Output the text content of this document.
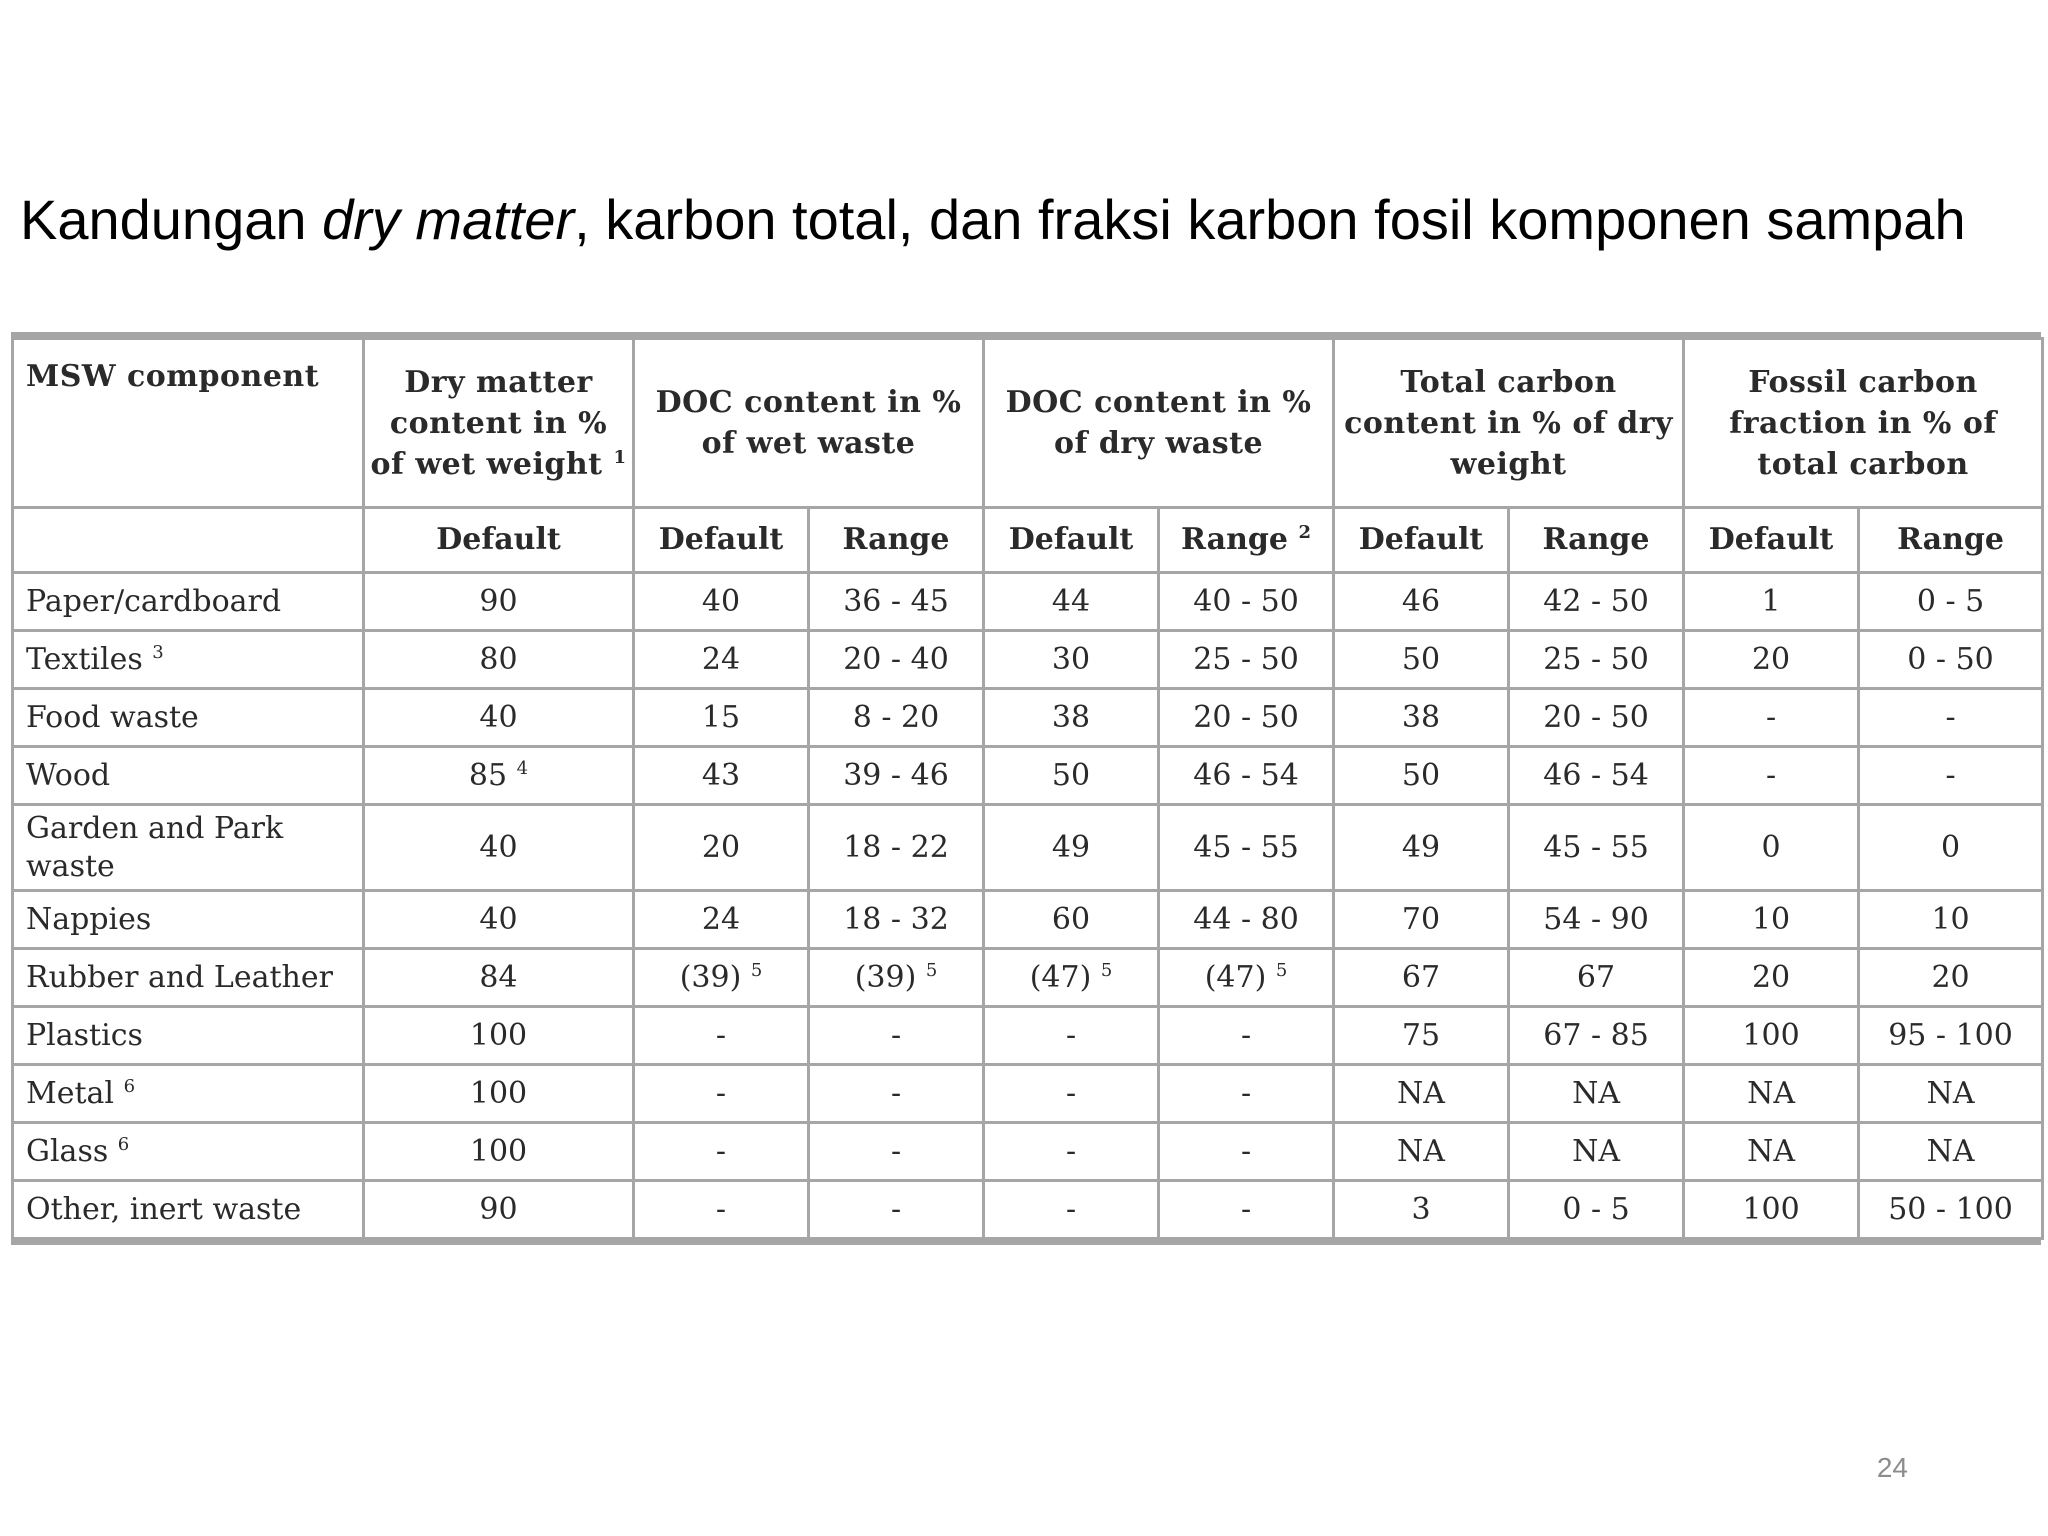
Kandungan dry matter, karbon total, dan fraksi karbon fosil komponen sampah
MSW component	Dry matter content in % of wet weight $^1$	DOC content in % of wet waste		DOC content in % of dry waste		Total carbon content in % of dry weight		Fossil carbon fraction in % of total carbon	
	Default	Default	Range	Default	Range $^2$	Default	Range	Default	Range
Paper/cardboard	90	40	36 - 45	44	40 - 50	46	42 - 50	1	0 - 5
Textiles $^3$	80	24	20 - 40	30	25 - 50	50	25 - 50	20	0 - 50
Food waste	40	15	8 - 20	38	20 - 50	38	20 - 50	-	-
Wood	85 $^4$	43	39 - 46	50	46 - 54	50	46 - 54	-	-
Garden and Park waste	40	20	18 - 22	49	45 - 55	49	45 - 55	0	0
Nappies	40	24	18 - 32	60	44 - 80	70	54 - 90	10	10
Rubber and Leather	84	(39) $^5$	(39) $^5$	(47) $^5$	(47) $^5$	67	67	20	20
Plastics	100	-	-	-	-	75	67 - 85	100	95 - 100
Metal $^6$	100	-	-	-	-	NA	NA	NA	NA
Glass $^6$	100	-	-	-	-	NA	NA	NA	NA
Other, inert waste	90	-	-	-	-	3	0 - 5	100	50 - 100
24
